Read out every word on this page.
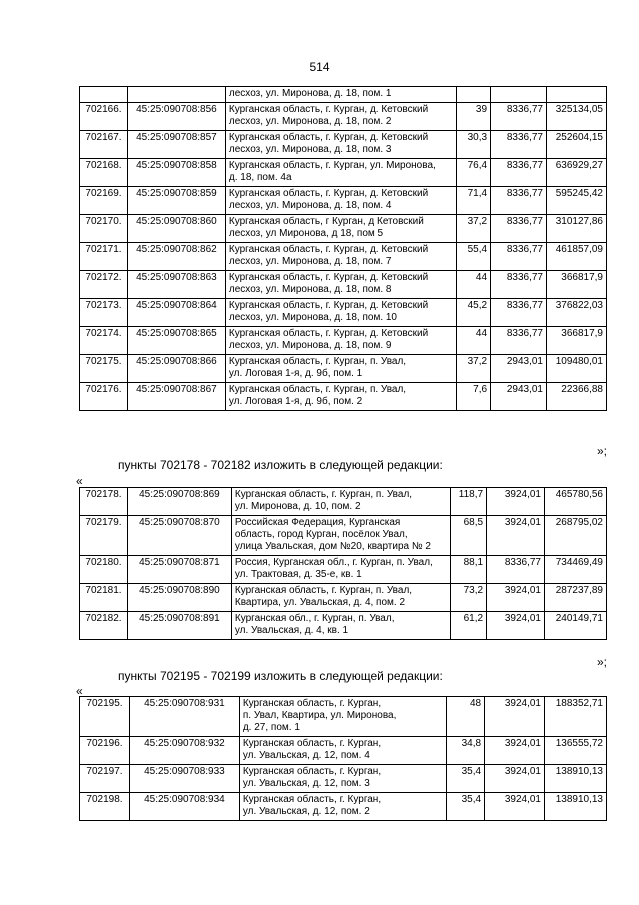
514
		лесхоз, ул. Миронова, д. 18, пом. 1			
702166.	45:25:090708:856	Курганская область, г. Курган, д. Кетовский
лесхоз, ул. Миронова, д. 18, пом. 2	39	8336,77	325134,05
702167.	45:25:090708:857	Курганская область, г. Курган, д. Кетовский
лесхоз, ул. Миронова, д. 18, пом. 3	30,3	8336,77	252604,15
702168.	45:25:090708:858	Курганская область, г. Курган, ул. Миронова,
д. 18, пом. 4а	76,4	8336,77	636929,27
702169.	45:25:090708:859	Курганская область, г. Курган, д. Кетовский
лесхоз, ул. Миронова, д. 18, пом. 4	71,4	8336,77	595245,42
702170.	45:25:090708:860	Курганская область, г Курган, д Кетовский
лесхоз, ул Миронова, д 18, пом 5	37,2	8336,77	310127,86
702171.	45:25:090708:862	Курганская область, г. Курган, д. Кетовский
лесхоз, ул. Миронова, д. 18, пом. 7	55,4	8336,77	461857,09
702172.	45:25:090708:863	Курганская область, г. Курган, д. Кетовский
лесхоз, ул. Миронова, д. 18, пом. 8	44	8336,77	366817,9
702173.	45:25:090708:864	Курганская область, г. Курган, д. Кетовский
лесхоз, ул. Миронова, д. 18, пом. 10	45,2	8336,77	376822,03
702174.	45:25:090708:865	Курганская область, г. Курган, д. Кетовский
лесхоз, ул. Миронова, д. 18, пом. 9	44	8336,77	366817,9
702175.	45:25:090708:866	Курганская область, г. Курган, п. Увал,
ул. Логовая 1-я, д. 9б, пом. 1	37,2	2943,01	109480,01
702176.	45:25:090708:867	Курганская область, г. Курган, п. Увал,
ул. Логовая 1-я, д. 9б, пом. 2	7,6	2943,01	22366,88
»;
пункты 702178 - 702182 изложить в следующей редакции:
«
702178.	45:25:090708:869	Курганская область, г. Курган, п. Увал,
ул. Миронова, д. 10, пом. 2	118,7	3924,01	465780,56
702179.	45:25:090708:870	Российская Федерация, Курганская
область, город Курган, посёлок Увал,
улица Увальская, дом №20, квартира № 2	68,5	3924,01	268795,02
702180.	45:25:090708:871	Россия, Курганская обл., г. Курган, п. Увал,
ул. Трактовая, д. 35-е, кв. 1	88,1	8336,77	734469,49
702181.	45:25:090708:890	Курганская область, г. Курган, п. Увал,
Квартира, ул. Увальская, д. 4, пом. 2	73,2	3924,01	287237,89
702182.	45:25:090708:891	Курганская обл., г. Курган, п. Увал,
ул. Увальская, д. 4, кв. 1	61,2	3924,01	240149,71
»;
пункты 702195 - 702199 изложить в следующей редакции:
«
702195.	45:25:090708:931	Курганская область, г. Курган,
п. Увал, Квартира, ул. Миронова,
д. 27, пом. 1	48	3924,01	188352,71
702196.	45:25:090708:932	Курганская область, г. Курган,
ул. Увальская, д. 12, пом. 4	34,8	3924,01	136555,72
702197.	45:25:090708:933	Курганская область, г. Курган,
ул. Увальская, д. 12, пом. 3	35,4	3924,01	138910,13
702198.	45:25:090708:934	Курганская область, г. Курган,
ул. Увальская, д. 12, пом. 2	35,4	3924,01	138910,13
